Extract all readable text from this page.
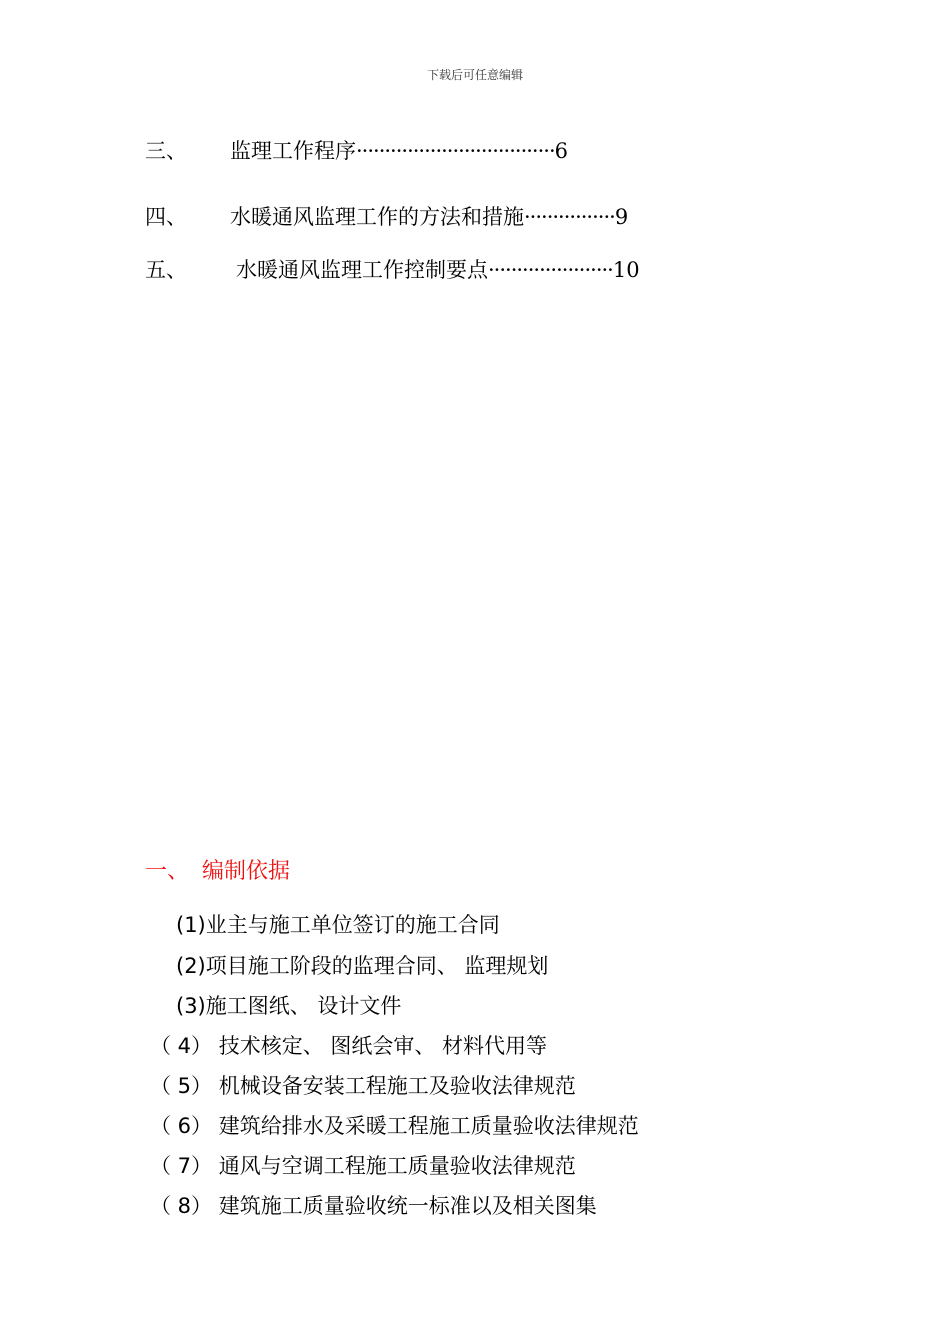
下载后可任意编辑
三、 监理工作程序···································6
四、 水暖通风监理工作的方法和措施················9
五、 水暖通风监理工作控制要点······················10
一、 编制依据
(1)业主与施工单位签订的施工合同
(2)项目施工阶段的监理合同、 监理规划
(3)施工图纸、 设计文件
（ 4） 技术核定、 图纸会审、 材料代用等
（ 5） 机械设备安装工程施工及验收法律规范
（ 6） 建筑给排水及采暖工程施工质量验收法律规范
（ 7） 通风与空调工程施工质量验收法律规范
（ 8） 建筑施工质量验收统一标准以及相关图集
